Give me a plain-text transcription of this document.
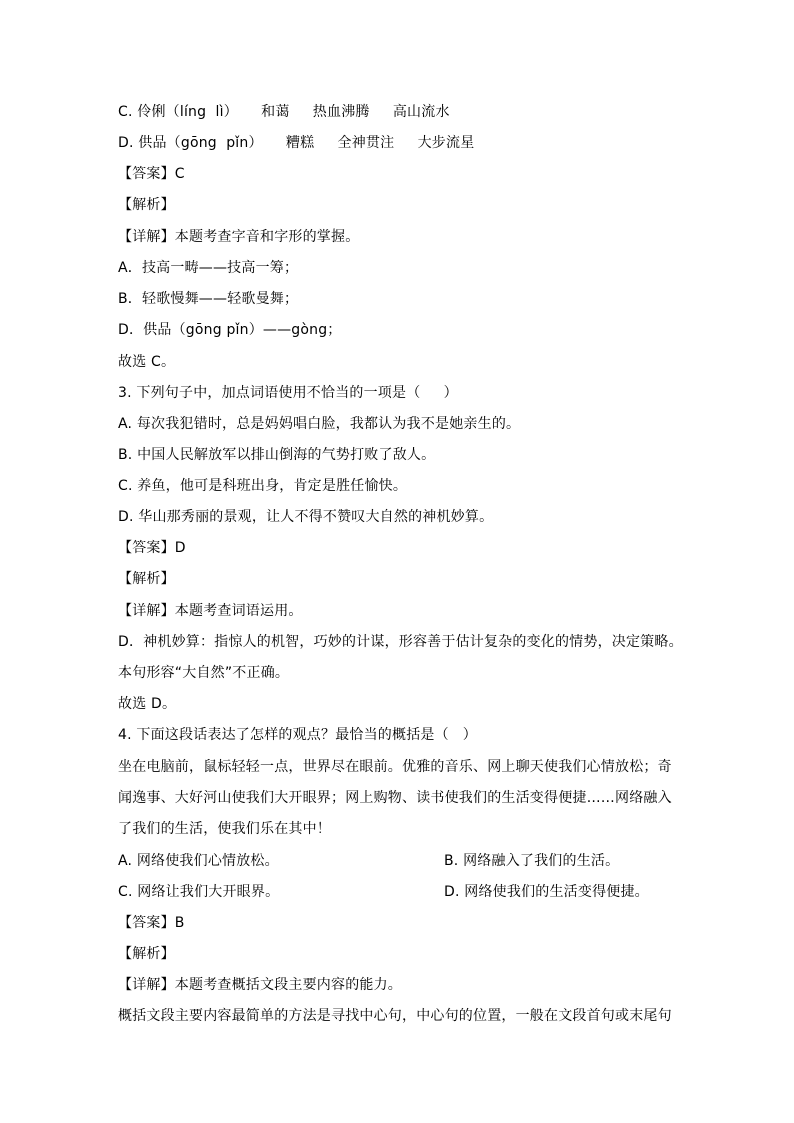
C. 伶俐（líng  lì）     和蔼     热血沸腾     高山流水
D. 供品（gōng  pǐn）     糟糕     全神贯注     大步流星
【答案】C
【解析】
【详解】本题考查字音和字形的掌握。
A．技高一畴——技高一筹；
B．轻歌慢舞——轻歌曼舞；
D．供品（gōng pǐn）——gòng；
故选 C。
3. 下列句子中，加点词语使用不恰当的一项是（     ）
A. 每次我犯错时，总是妈妈唱白脸，我都认为我不是她亲生的。
B. 中国人民解放军以排山倒海的气势打败了敌人。
C. 养鱼，他可是科班出身，肯定是胜任愉快。
D. 华山那秀丽的景观，让人不得不赞叹大自然的神机妙算。
【答案】D
【解析】
【详解】本题考查词语运用。
D．神机妙算：指惊人的机智，巧妙的计谋，形容善于估计复杂的变化的情势，决定策略。
本句形容“大自然”不正确。
故选 D。
4. 下面这段话表达了怎样的观点？最恰当的概括是（   ）
坐在电脑前，鼠标轻轻一点，世界尽在眼前。优雅的音乐、网上聊天使我们心情放松；奇
闻逸事、大好河山使我们大开眼界；网上购物、读书使我们的生活变得便捷……网络融入
了我们的生活，使我们乐在其中！
A. 网络使我们心情放松。	B. 网络融入了我们的生活。
C. 网络让我们大开眼界。	D. 网络使我们的生活变得便捷。
【答案】B
【解析】
【详解】本题考查概括文段主要内容的能力。
概括文段主要内容最简单的方法是寻找中心句，中心句的位置，一般在文段首句或末尾句
